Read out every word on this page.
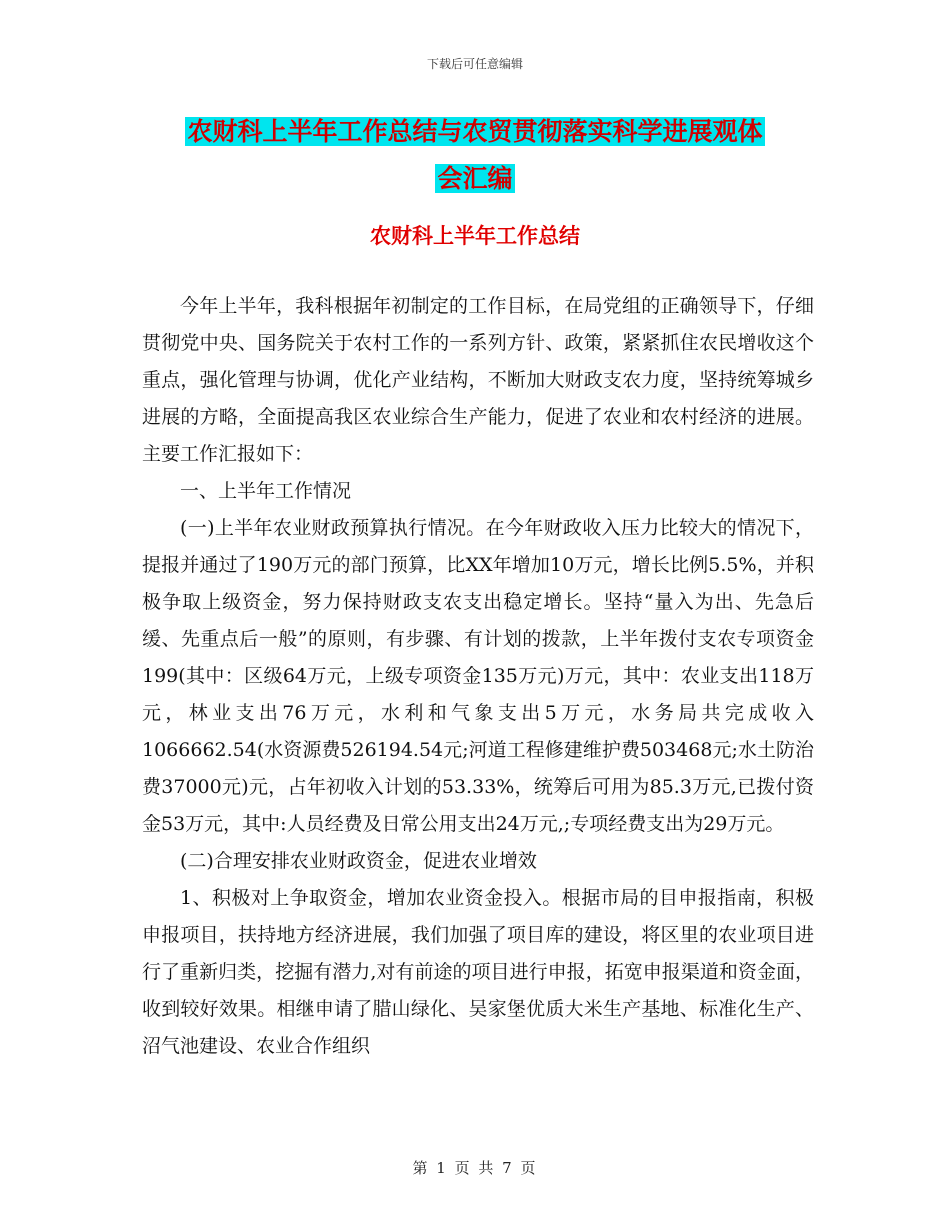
下载后可任意编辑
农财科上半年工作总结与农贸贯彻落实科学进展观体
会汇编
农财科上半年工作总结

今年上半年，我科根据年初制定的工作目标，在局党组的正确领导下，仔细贯彻党中央、国务院关于农村工作的一系列方针、政策，紧紧抓住农民增收这个重点，强化管理与协调，优化产业结构，不断加大财政支农力度，坚持统筹城乡进展的方略，全面提高我区农业综合生产能力，促进了农业和农村经济的进展。主要工作汇报如下：

一、上半年工作情况

(一)上半年农业财政预算执行情况。在今年财政收入压力比较大的情况下，提报并通过了190万元的部门预算，比XX年增加10万元，增长比例5.5%，并积极争取上级资金，努力保持财政支农支出稳定增长。坚持“量入为出、先急后缓、先重点后一般”的原则，有步骤、有计划的拨款，上半年拨付支农专项资金199(其中：区级64万元，上级专项资金135万元)万元，其中：农业支出118万元，林业支出76万元，水利和气象支出5万元，水务局共完成收入1066662.54(水资源费526194.54元;河道工程修建维护费503468元;水土防治费37000元)元，占年初收入计划的53.33%，统筹后可用为85.3万元,已拨付资金53万元，其中:人员经费及日常公用支出24万元,;专项经费支出为29万元。

(二)合理安排农业财政资金，促进农业增效

1、积极对上争取资金，增加农业资金投入。根据市局的目申报指南，积极申报项目，扶持地方经济进展，我们加强了项目库的建设，将区里的农业项目进行了重新归类，挖掘有潜力,对有前途的项目进行申报，拓宽申报渠道和资金面，收到较好效果。相继申请了腊山绿化、吴家堡优质大米生产基地、标准化生产、沼气池建设、农业合作组织

第 1 页 共 7 页
